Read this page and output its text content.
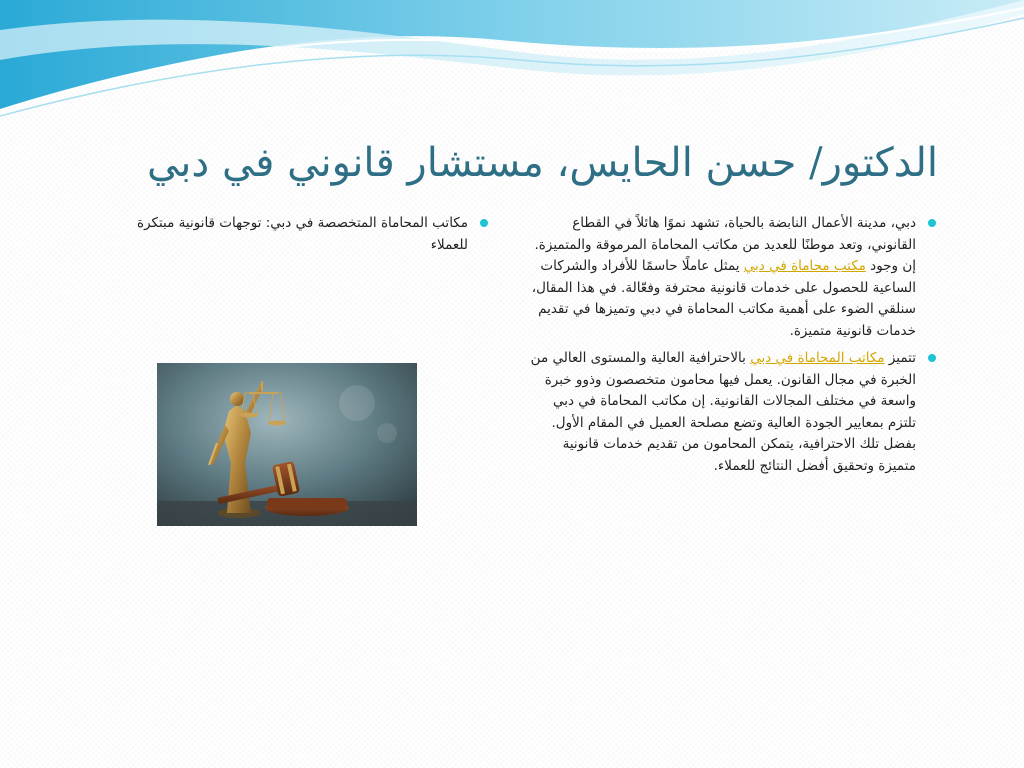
الدكتور/ حسن الحايس، مستشار قانوني في دبي
دبي، مدينة الأعمال النابضة بالحياة، تشهد نموًا هائلاً في القطاع القانوني، وتعد موطنًا للعديد من مكاتب المحاماة المرموقة والمتميزة. إن وجود مكتب محاماة في دبي يمثل عاملًا حاسمًا للأفراد والشركات الساعية للحصول على خدمات قانونية محترفة وفعّالة. في هذا المقال، سنلقي الضوء على أهمية مكاتب المحاماة في دبي وتميزها في تقديم خدمات قانونية متميزة.
تتميز مكاتب المحاماة في دبي بالاحترافية العالية والمستوى العالي من الخبرة في مجال القانون. يعمل فيها محامون متخصصون وذوو خبرة واسعة في مختلف المجالات القانونية. إن مكاتب المحاماة في دبي تلتزم بمعايير الجودة العالية وتضع مصلحة العميل في المقام الأول. بفضل تلك الاحترافية، يتمكن المحامون من تقديم خدمات قانونية متميزة وتحقيق أفضل النتائج للعملاء.
مكاتب المحاماة المتخصصة في دبي: توجهات قانونية مبتكرة للعملاء
